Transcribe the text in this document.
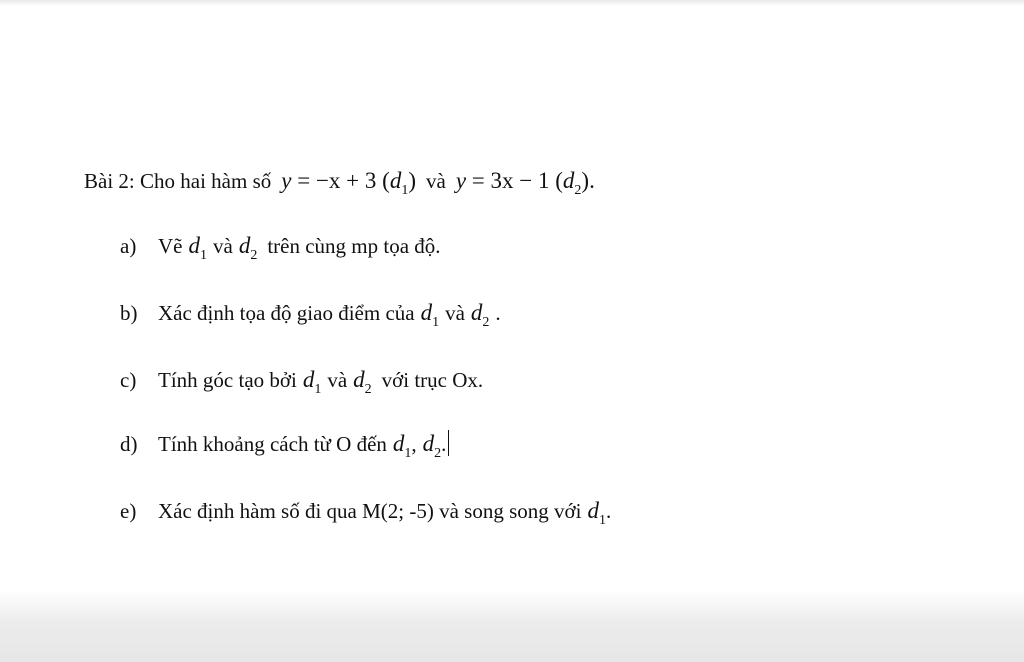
Bài 2: Cho hai hàm số y = −x + 3 $(d_1)$ và y = 3x − 1 $(d_2)$.
a) Vẽ $d_1$ và $d_2$ trên cùng mp tọa độ.
b) Xác định tọa độ giao điểm của $d_1$ và $d_2$ .
c) Tính góc tạo bởi $d_1$ và $d_2$ với trục Ox.
d) Tính khoảng cách từ O đến $d_1$, $d_2$.
e) Xác định hàm số đi qua M(2; -5) và song song với $d_1$.
